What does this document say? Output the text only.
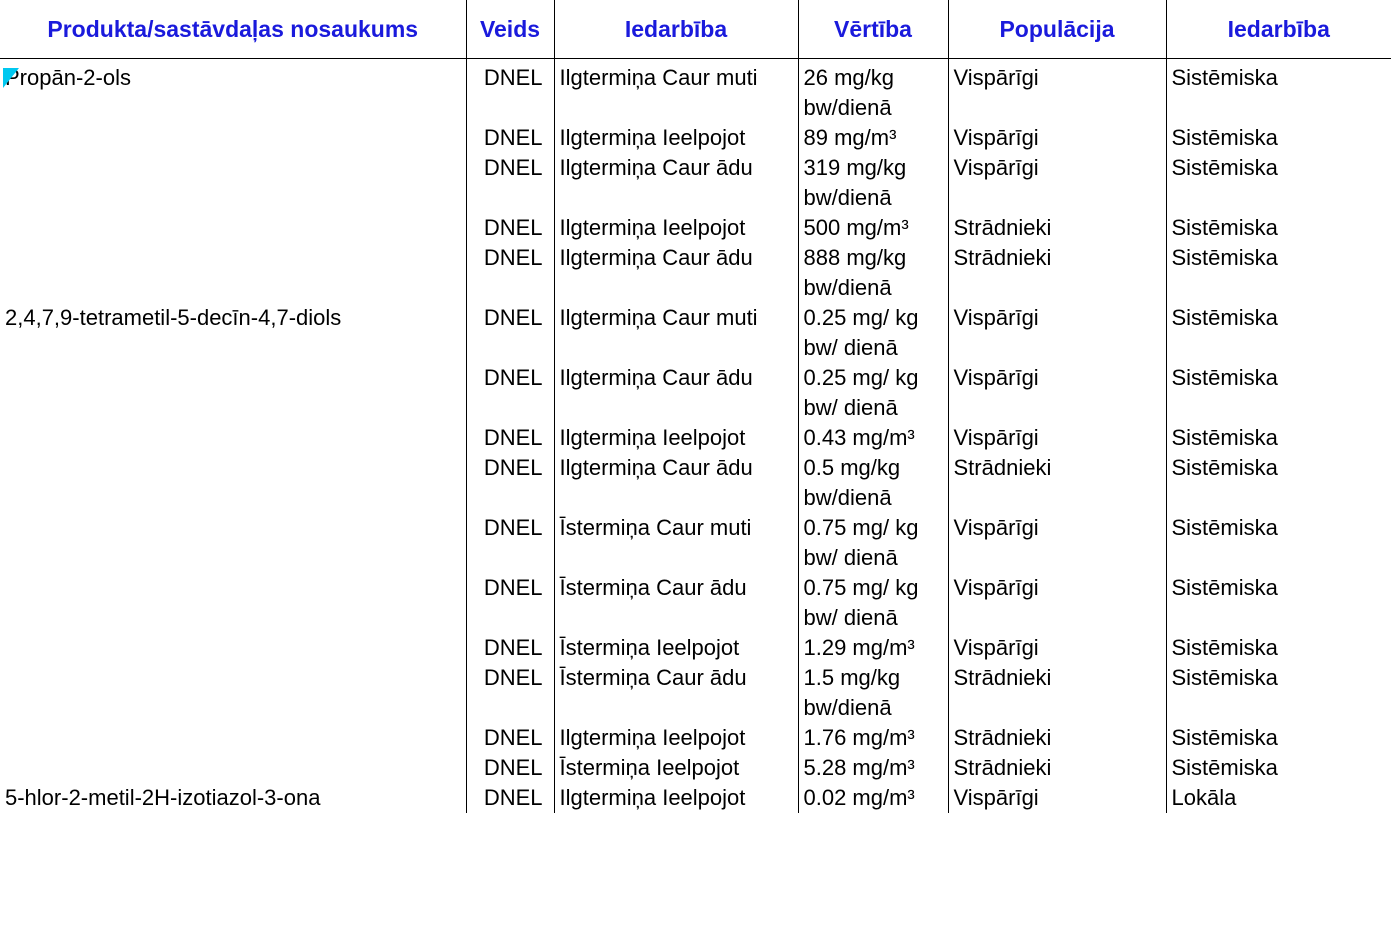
Produkta/sastāvdaļas nosaukums	Veids	Iedarbība	Vērtība	Populācija	Iedarbība

Propān-2-ols	DNEL	Ilgtermiņa Caur muti	26 mg/kg bw/dienā	Vispārīgi	Sistēmiska
	DNEL	Ilgtermiņa Ieelpojot	89 mg/m³	Vispārīgi	Sistēmiska
	DNEL	Ilgtermiņa Caur ādu	319 mg/kg bw/dienā	Vispārīgi	Sistēmiska
	DNEL	Ilgtermiņa Ieelpojot	500 mg/m³	Strādnieki	Sistēmiska
	DNEL	Ilgtermiņa Caur ādu	888 mg/kg bw/dienā	Strādnieki	Sistēmiska
2,4,7,9-tetrametil-5-decīn-4,7-diols	DNEL	Ilgtermiņa Caur muti	0.25 mg/ kg bw/ dienā	Vispārīgi	Sistēmiska
	DNEL	Ilgtermiņa Caur ādu	0.25 mg/ kg bw/ dienā	Vispārīgi	Sistēmiska
	DNEL	Ilgtermiņa Ieelpojot	0.43 mg/m³	Vispārīgi	Sistēmiska
	DNEL	Ilgtermiņa Caur ādu	0.5 mg/kg bw/dienā	Strādnieki	Sistēmiska
	DNEL	Īstermiņa Caur muti	0.75 mg/ kg bw/ dienā	Vispārīgi	Sistēmiska
	DNEL	Īstermiņa Caur ādu	0.75 mg/ kg bw/ dienā	Vispārīgi	Sistēmiska
	DNEL	Īstermiņa Ieelpojot	1.29 mg/m³	Vispārīgi	Sistēmiska
	DNEL	Īstermiņa Caur ādu	1.5 mg/kg bw/dienā	Strādnieki	Sistēmiska
	DNEL	Ilgtermiņa Ieelpojot	1.76 mg/m³	Strādnieki	Sistēmiska
	DNEL	Īstermiņa Ieelpojot	5.28 mg/m³	Strādnieki	Sistēmiska
5-hlor-2-metil-2H-izotiazol-3-ona	DNEL	Ilgtermiņa Ieelpojot	0.02 mg/m³	Vispārīgi	Lokāla
